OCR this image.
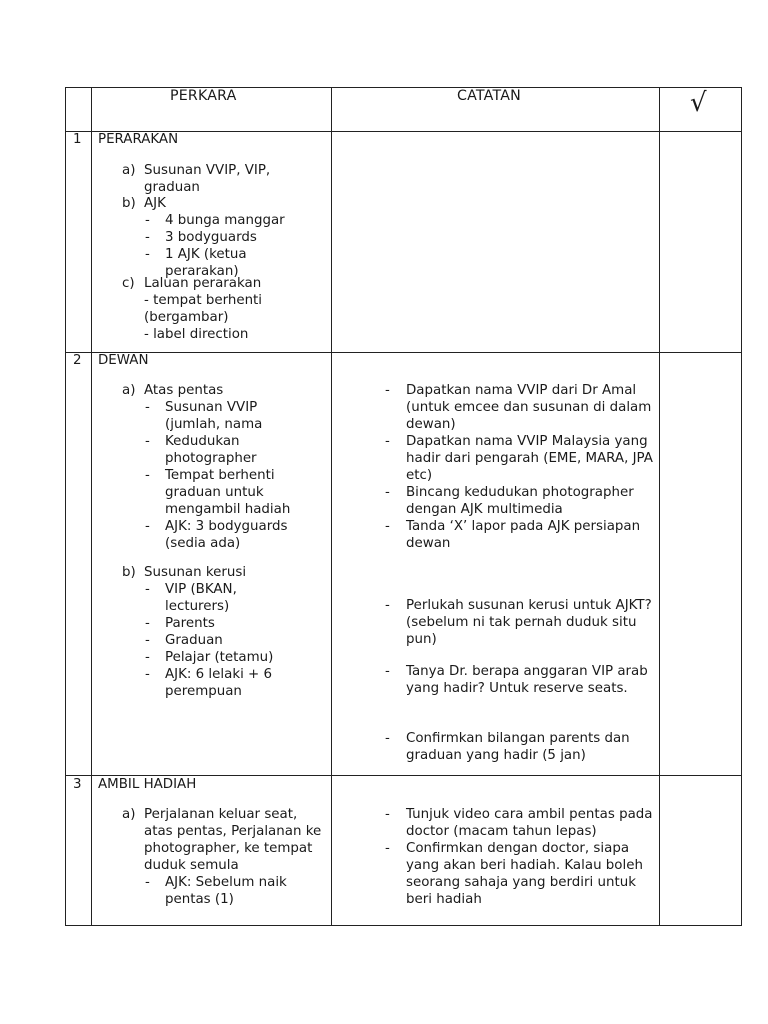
PERKARA	CATATAN	√
1 PERARAKAN
a) Susunan VVIP, VIP, graduan
b) AJK
- 4 bunga manggar
- 3 bodyguards
- 1 AJK (ketua perarakan)
c) Laluan perarakan
- tempat berhenti
(bergambar)
- label direction
2 DEWAN
a) Atas pentas
- Susunan VVIP (jumlah, nama
- Kedudukan photographer
- Tempat berhenti graduan untuk mengambil hadiah
- AJK: 3 bodyguards (sedia ada)
b) Susunan kerusi
- VIP (BKAN, lecturers)
- Parents
- Graduan
- Pelajar (tetamu)
- AJK: 6 lelaki + 6 perempuan
- Dapatkan nama VVIP dari Dr Amal (untuk emcee dan susunan di dalam dewan)
- Dapatkan nama VVIP Malaysia yang hadir dari pengarah (EME, MARA, JPA etc)
- Bincang kedudukan photographer dengan AJK multimedia
- Tanda ‘X’ lapor pada AJK persiapan dewan
- Perlukah susunan kerusi untuk AJKT? (sebelum ni tak pernah duduk situ pun)
- Tanya Dr. berapa anggaran VIP arab yang hadir? Untuk reserve seats.
- Confirmkan bilangan parents dan graduan yang hadir (5 jan)
3 AMBIL HADIAH
a) Perjalanan keluar seat, atas pentas, Perjalanan ke photographer, ke tempat duduk semula
- AJK: Sebelum naik pentas (1)
- Tunjuk video cara ambil pentas pada doctor (macam tahun lepas)
- Confirmkan dengan doctor, siapa yang akan beri hadiah. Kalau boleh seorang sahaja yang berdiri untuk beri hadiah
